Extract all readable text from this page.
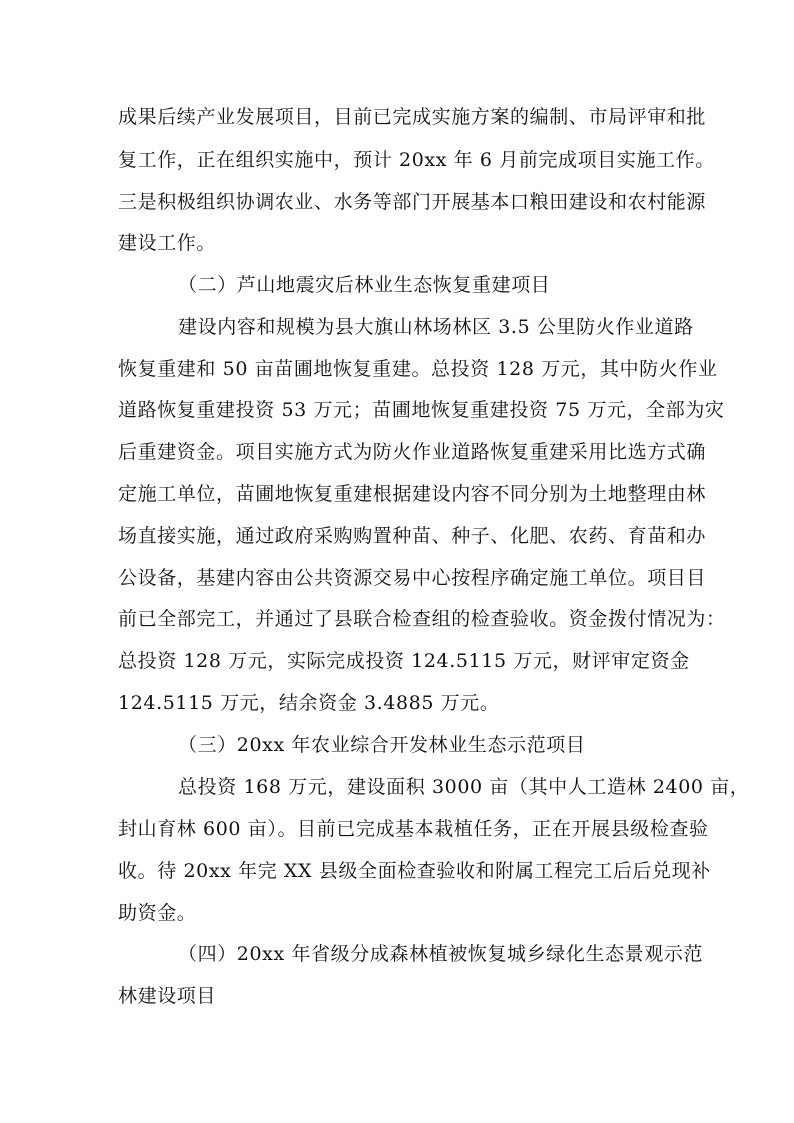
成果后续产业发展项目，目前已完成实施方案的编制、市局评审和批
复工作，正在组织实施中，预计 20xx 年 6 月前完成项目实施工作。
三是积极组织协调农业、水务等部门开展基本口粮田建设和农村能源
建设工作。
（二）芦山地震灾后林业生态恢复重建项目
建设内容和规模为县大旗山林场林区 3.5 公里防火作业道路
恢复重建和 50 亩苗圃地恢复重建。总投资 128 万元，其中防火作业
道路恢复重建投资 53 万元；苗圃地恢复重建投资 75 万元，全部为灾
后重建资金。项目实施方式为防火作业道路恢复重建采用比选方式确
定施工单位，苗圃地恢复重建根据建设内容不同分别为土地整理由林
场直接实施，通过政府采购购置种苗、种子、化肥、农药、育苗和办
公设备，基建内容由公共资源交易中心按程序确定施工单位。项目目
前已全部完工，并通过了县联合检查组的检查验收。资金拨付情况为：
总投资 128 万元，实际完成投资 124.5115 万元，财评审定资金
124.5115 万元，结余资金 3.4885 万元。
（三）20xx 年农业综合开发林业生态示范项目
总投资 168 万元，建设面积 3000 亩（其中人工造林 2400 亩，
封山育林 600 亩）。目前已完成基本栽植任务，正在开展县级检查验
收。待 20xx 年完 XX 县级全面检查验收和附属工程完工后后兑现补
助资金。
（四）20xx 年省级分成森林植被恢复城乡绿化生态景观示范
林建设项目
